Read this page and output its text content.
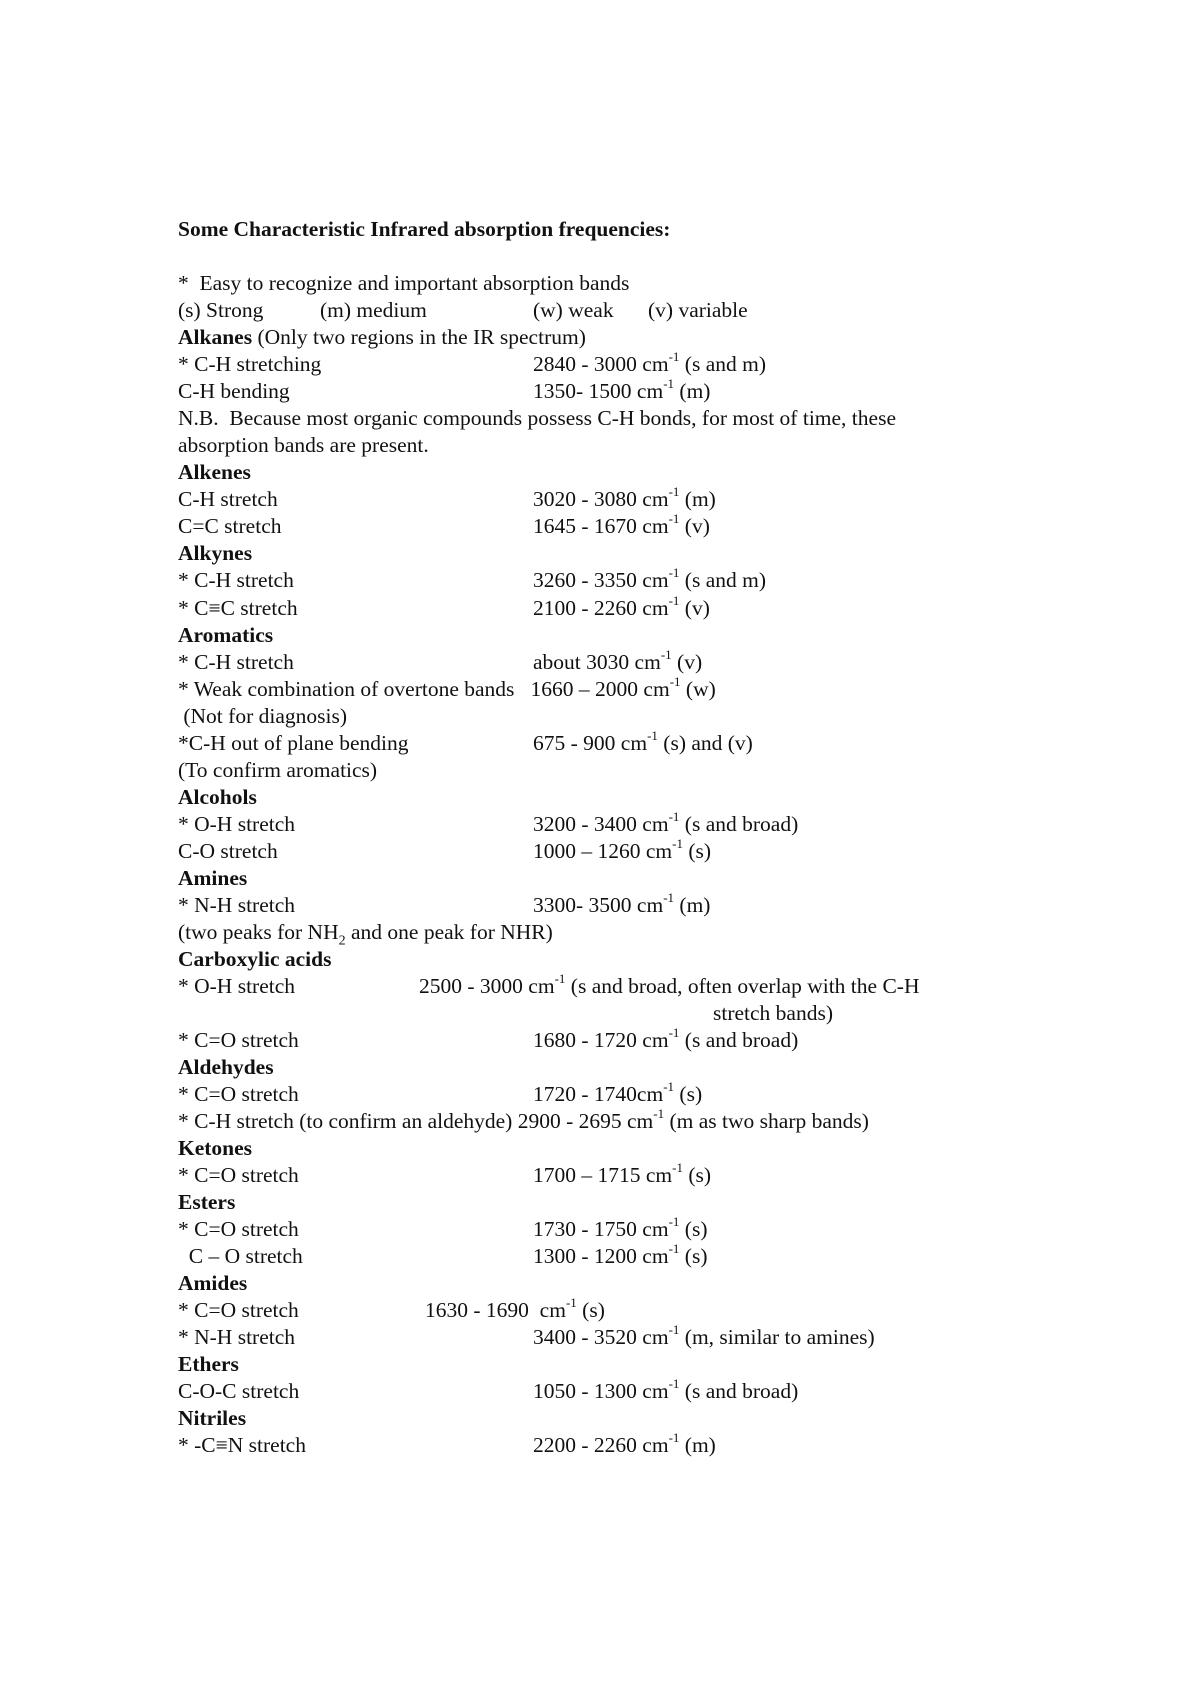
Some Characteristic Infrared absorption frequencies:
*  Easy to recognize and important absorption bands
(s) Strong	(m) medium	(w) weak (v) variable
Alkanes (Only two regions in the IR spectrum)
* C-H stretching	2840 - 3000 $cm^{-1}$ (s and m)
C-H bending	1350- 1500 $cm^{-1}$ (m)
N.B.  Because most organic compounds possess C-H bonds, for most of time, these
absorption bands are present.
Alkenes
C-H stretch	3020 - 3080 $cm^{-1}$ (m)
C=C stretch	1645 - 1670 $cm^{-1}$ (v)
Alkynes
* C-H stretch	3260 - 3350 $cm^{-1}$ (s and m)
* C≡C stretch	2100 - 2260 $cm^{-1}$ (v)
Aromatics
* C-H stretch	about 3030 $cm^{-1}$ (v)
* Weak combination of overtone bands   1660 – 2000 $cm^{-1}$ (w)
(Not for diagnosis)
*C-H out of plane bending	675 - 900 $cm^{-1}$ (s) and (v)
(To confirm aromatics)
Alcohols
* O-H stretch	3200 - 3400 $cm^{-1}$ (s and broad)
C-O stretch	1000 – 1260 $cm^{-1}$ (s)
Amines
* N-H stretch	3300- 3500 $cm^{-1}$ (m)
(two peaks for $NH_2$ and one peak for NHR)
Carboxylic acids
* O-H stretch	2500 - 3000 $cm^{-1}$ (s and broad, often overlap with the C-H
stretch bands)
* C=O stretch	1680 - 1720 $cm^{-1}$ (s and broad)
Aldehydes
* C=O stretch	$1720 - 1740cm^{-1}$ (s)
* C-H stretch (to confirm an aldehyde) 2900 - 2695 $cm^{-1}$ (m as two sharp bands)
Ketones
* C=O stretch	1700 – 1715 $cm^{-1}$ (s)
Esters
* C=O stretch	1730 - 1750 $cm^{-1}$ (s)
C – O stretch	1300 - 1200 $cm^{-1}$ (s)
Amides
* C=O stretch	1630 - 1690  $cm^{-1}$ (s)
* N-H stretch	3400 - 3520 $cm^{-1}$ (m, similar to amines)
Ethers
C-O-C stretch	1050 - 1300 $cm^{-1}$ (s and broad)
Nitriles
* -C≡N stretch	2200 - 2260 $cm^{-1}$ (m)
